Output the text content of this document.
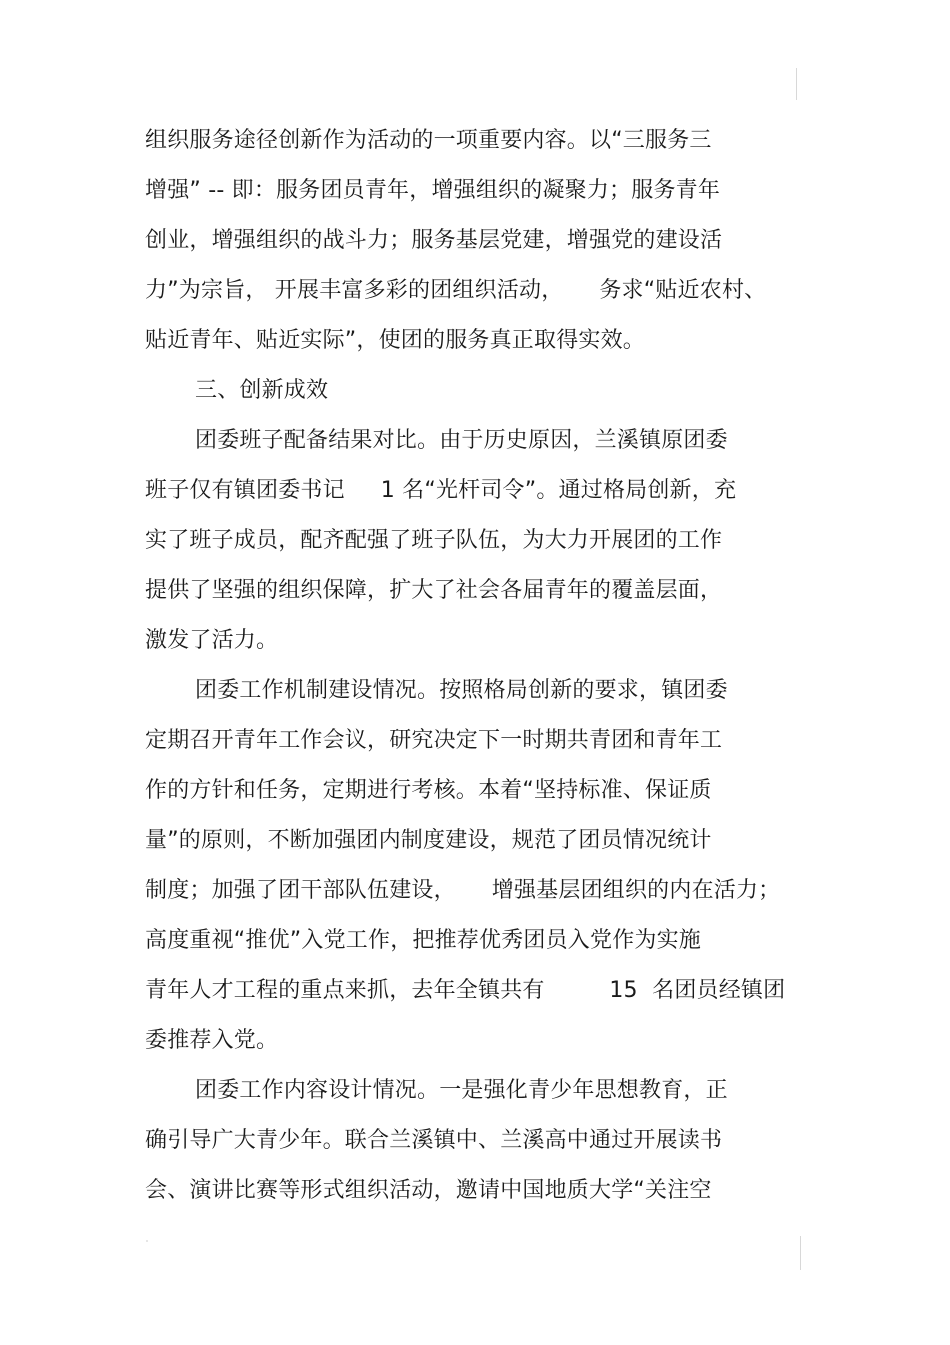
组织服务途径创新作为活动的一项重要内容。以“三服务三
增强” -- 即：服务团员青年，增强组织的凝聚力；服务青年
创业，增强组织的战斗力；服务基层党建，增强党的建设活
力”为宗旨， 开展丰富多彩的团组织活动，     务求“贴近农村、
贴近青年、贴近实际”，使团的服务真正取得实效。
三、创新成效
团委班子配备结果对比。由于历史原因，兰溪镇原团委
班子仅有镇团委书记     1 名“光杆司令”。通过格局创新，充
实了班子成员，配齐配强了班子队伍，为大力开展团的工作
提供了坚强的组织保障，扩大了社会各届青年的覆盖层面，
激发了活力。
团委工作机制建设情况。按照格局创新的要求，镇团委
定期召开青年工作会议，研究决定下一时期共青团和青年工
作的方针和任务，定期进行考核。本着“坚持标准、保证质
量”的原则，不断加强团内制度建设，规范了团员情况统计
制度；加强了团干部队伍建设，     增强基层团组织的内在活力；
高度重视“推优”入党工作，把推荐优秀团员入党作为实施
青年人才工程的重点来抓，去年全镇共有         15  名团员经镇团
委推荐入党。
团委工作内容设计情况。一是强化青少年思想教育，正
确引导广大青少年。联合兰溪镇中、兰溪高中通过开展读书
会、演讲比赛等形式组织活动，邀请中国地质大学“关注空
